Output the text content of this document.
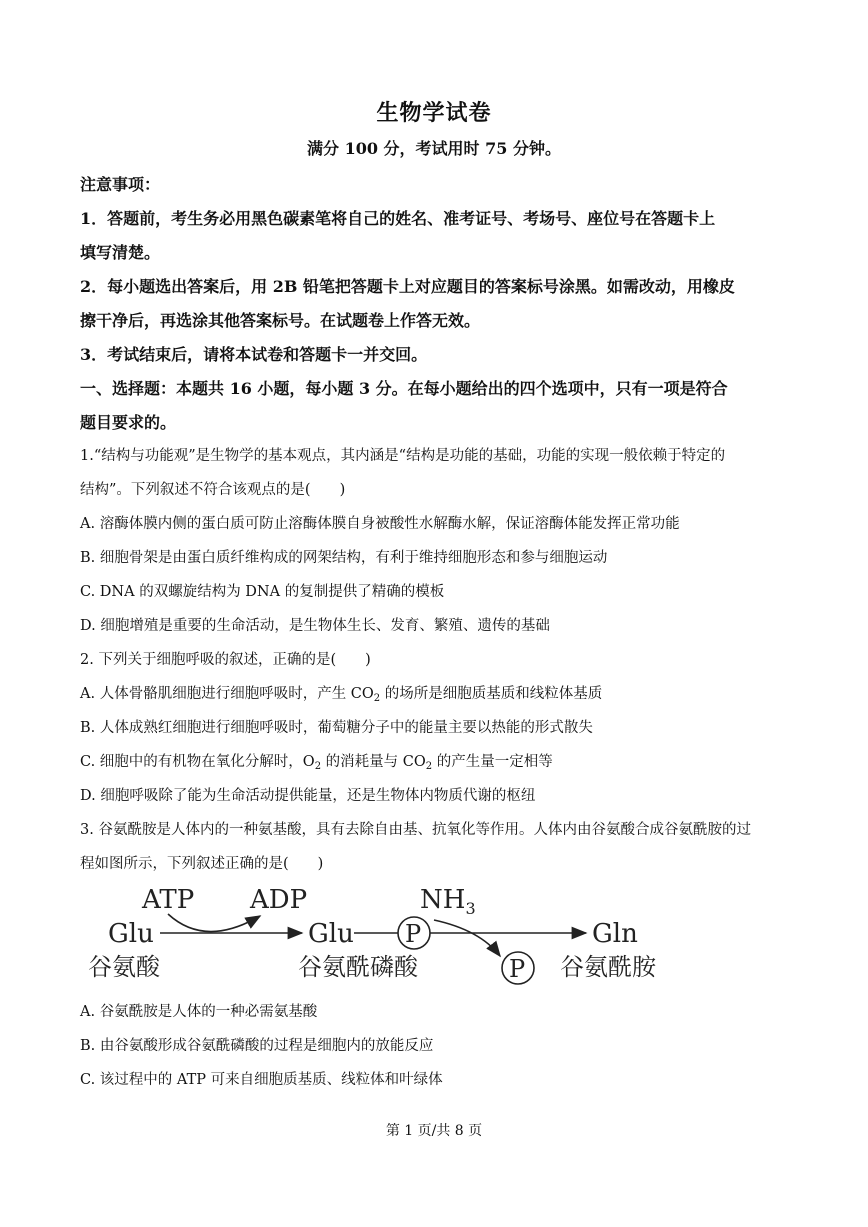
生物学试卷
满分 100 分，考试用时 75 分钟。
注意事项：
1．答题前，考生务必用黑色碳素笔将自己的姓名、准考证号、考场号、座位号在答题卡上
填写清楚。
2．每小题选出答案后，用 2B 铅笔把答题卡上对应题目的答案标号涂黑。如需改动，用橡皮
擦干净后，再选涂其他答案标号。在试题卷上作答无效。
3．考试结束后，请将本试卷和答题卡一并交回。
一、选择题：本题共 16 小题，每小题 3 分。在每小题给出的四个选项中，只有一项是符合
题目要求的。
1.“结构与功能观”是生物学的基本观点，其内涵是“结构是功能的基础，功能的实现一般依赖于特定的
结构”。下列叙述不符合该观点的是(　　)
A. 溶酶体膜内侧的蛋白质可防止溶酶体膜自身被酸性水解酶水解，保证溶酶体能发挥正常功能
B. 细胞骨架是由蛋白质纤维构成的网架结构，有利于维持细胞形态和参与细胞运动
C. DNA 的双螺旋结构为 DNA 的复制提供了精确的模板
D. 细胞增殖是重要的生命活动，是生物体生长、发育、繁殖、遗传的基础
2. 下列关于细胞呼吸的叙述，正确的是(　　)
A. 人体骨骼肌细胞进行细胞呼吸时，产生 $CO_2$ 的场所是细胞质基质和线粒体基质
B. 人体成熟红细胞进行细胞呼吸时，葡萄糖分子中的能量主要以热能的形式散失
C. 细胞中的有机物在氧化分解时，$O_2$ 的消耗量与 $CO_2$ 的产生量一定相等
D. 细胞呼吸除了能为生命活动提供能量，还是生物体内物质代谢的枢纽
3. 谷氨酰胺是人体内的一种氨基酸，具有去除自由基、抗氧化等作用。人体内由谷氨酸合成谷氨酰胺的过
程如图所示，下列叙述正确的是(　　)
ATP ADP	$NH_3$
Glu	Glu	Gln
谷氨酸	谷氨酰磷酸	谷氨酰胺
P
P
A. 谷氨酰胺是人体的一种必需氨基酸
B. 由谷氨酸形成谷氨酰磷酸的过程是细胞内的放能反应
C. 该过程中的 ATP 可来自细胞质基质、线粒体和叶绿体
第 1 页/共 8 页
